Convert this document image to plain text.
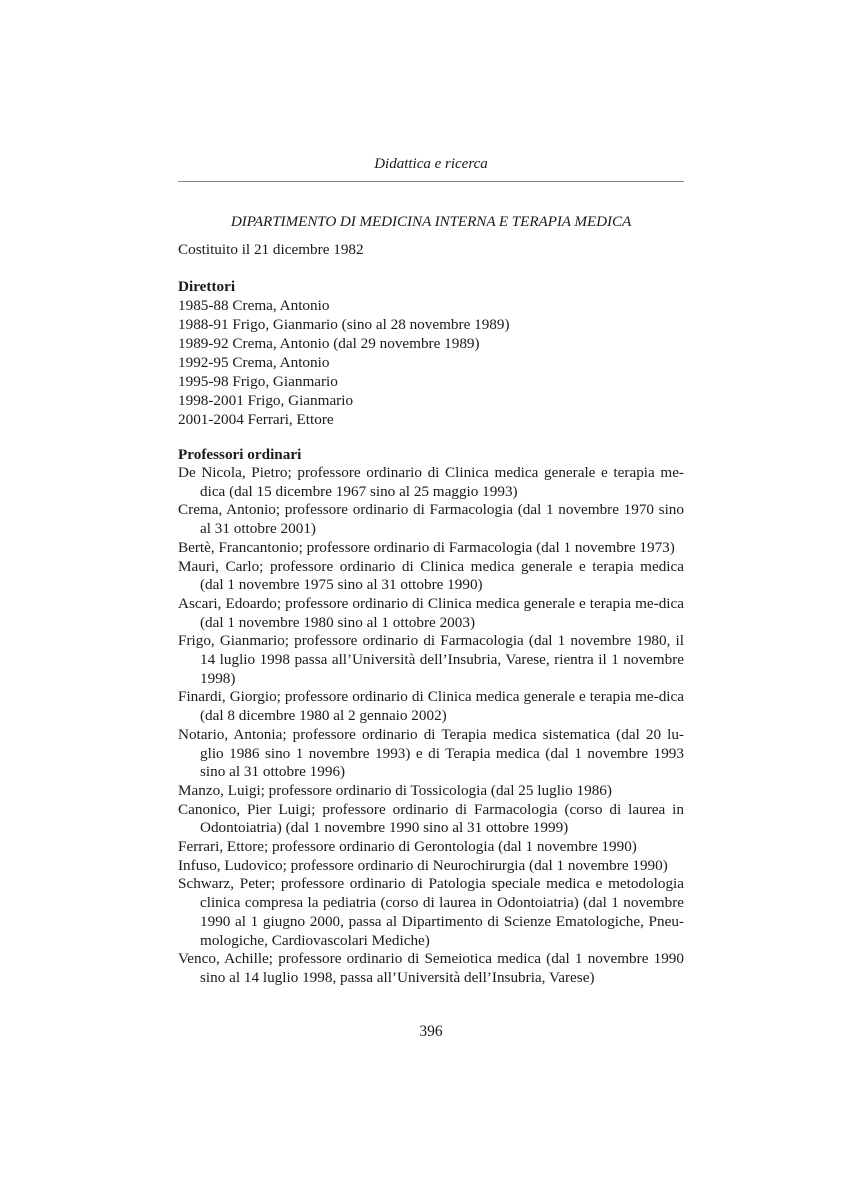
Didattica e ricerca
DIPARTIMENTO DI MEDICINA INTERNA E TERAPIA MEDICA
Costituito il 21 dicembre 1982

Direttori

1985-88 Crema, Antonio

1988-91 Frigo, Gianmario (sino al 28 novembre 1989)

1989-92 Crema, Antonio (dal 29 novembre 1989)

1992-95 Crema, Antonio

1995-98 Frigo, Gianmario

1998-2001 Frigo, Gianmario

2001-2004 Ferrari, Ettore

Professori ordinari

De Nicola, Pietro; professore ordinario di Clinica medica generale e terapia me-dica (dal 15 dicembre 1967 sino al 25 maggio 1993)

Crema, Antonio; professore ordinario di Farmacologia (dal 1 novembre 1970 sino al 31 ottobre 2001)

Bertè, Francantonio; professore ordinario di Farmacologia (dal 1 novembre 1973)

Mauri, Carlo; professore ordinario di Clinica medica generale e terapia medica (dal 1 novembre 1975 sino al 31 ottobre 1990)

Ascari, Edoardo; professore ordinario di Clinica medica generale e terapia me-dica (dal 1 novembre 1980 sino al 1 ottobre 2003)

Frigo, Gianmario; professore ordinario di Farmacologia (dal 1 novembre 1980, il 14 luglio 1998 passa all’Università dell’Insubria, Varese, rientra il 1 novembre 1998)

Finardi, Giorgio; professore ordinario di Clinica medica generale e terapia me-dica (dal 8 dicembre 1980 al 2 gennaio 2002)

Notario, Antonia; professore ordinario di Terapia medica sistematica (dal 20 lu-glio 1986 sino 1 novembre 1993) e di Terapia medica (dal 1 novembre 1993 sino al 31 ottobre 1996)

Manzo, Luigi; professore ordinario di Tossicologia (dal 25 luglio 1986)

Canonico, Pier Luigi; professore ordinario di Farmacologia (corso di laurea in Odontoiatria) (dal 1 novembre 1990 sino al 31 ottobre 1999)

Ferrari, Ettore; professore ordinario di Gerontologia (dal 1 novembre 1990)

Infuso, Ludovico; professore ordinario di Neurochirurgia (dal 1 novembre 1990)

Schwarz, Peter; professore ordinario di Patologia speciale medica e metodologia clinica compresa la pediatria (corso di laurea in Odontoiatria) (dal 1 novembre 1990 al 1 giugno 2000, passa al Dipartimento di Scienze Ematologiche, Pneu-mologiche, Cardiovascolari Mediche)

Venco, Achille; professore ordinario di Semeiotica medica (dal 1 novembre 1990 sino al 14 luglio 1998, passa all’Università dell’Insubria, Varese)

396
